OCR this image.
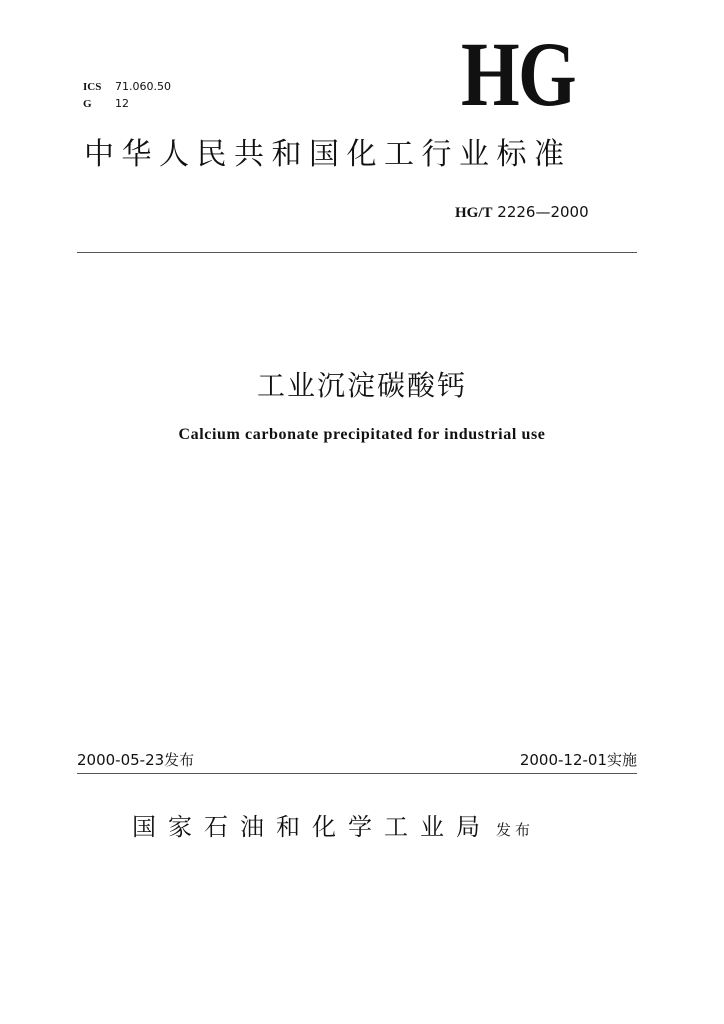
ICS 71.060.50
G 12	HG
中华人民共和国化工行业标准
HG/T 2226—2000
工业沉淀碳酸钙
Calcium carbonate precipitated for industrial use
2000-05-23发布	2000-12-01实施
国家石油和化学工业局 发布
